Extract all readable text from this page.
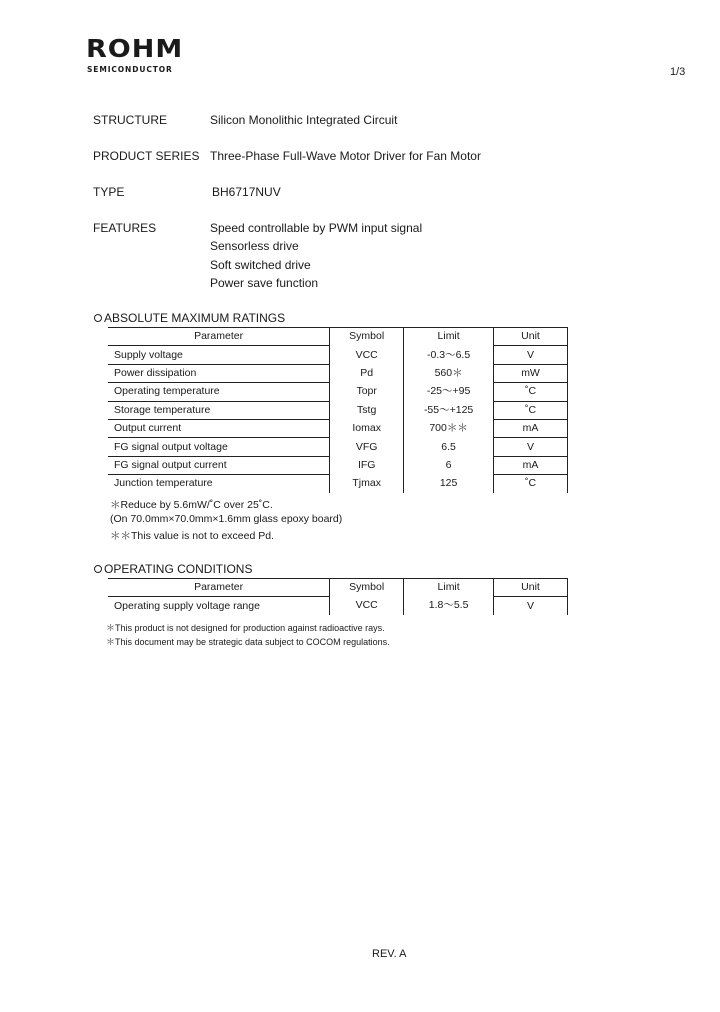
ROHM
SEMICONDUCTOR	1/3
STRUCTURE	Silicon Monolithic Integrated Circuit
PRODUCT SERIES Three-Phase Full-Wave Motor Driver for Fan Motor
TYPE	BH6717NUV
FEATURES	Speed controllable by PWM input signal
Sensorless drive
Soft switched drive
Power save function
ABSOLUTE MAXIMUM RATINGS
Parameter	Symbol	Limit	Unit
Supply voltage	VCC	-0.3～6.5	V
Power dissipation	Pd	560＊	mW
Operating temperature	Topr	-25～+95	˚C
Storage temperature	Tstg	-55～+125	˚C
Output current	Iomax	700＊＊	mA
FG signal output voltage	VFG	6.5	V
FG signal output current	IFG	6	mA
Junction temperature	Tjmax	125	˚C
＊Reduce by 5.6mW/˚C over 25˚C.
(On 70.0mm×70.0mm×1.6mm glass epoxy board)
＊＊This value is not to exceed Pd.
OPERATING CONDITIONS
Parameter	Symbol	Limit	Unit
Operating supply voltage range	VCC	1.8～5.5	V
＊This product is not designed for production against radioactive rays.
＊This document may be strategic data subject to COCOM regulations.
REV. A
